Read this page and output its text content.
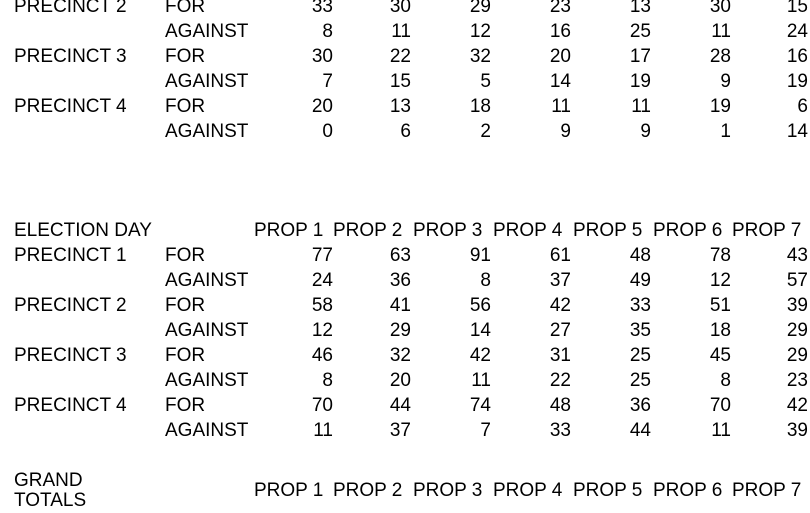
PRECINCT 2 FOR	33	30	29	23	13	30	15
AGAINST	8	11	12	16	25	11	24
PRECINCT 3 FOR	30	22	32	20	17	28	16
AGAINST	7	15	5	14	19	9	19
PRECINCT 4 FOR	20	13	18	11	11	19	6
AGAINST	0	6	2	9	9	1	14
ELECTION DAY	PROP 1 PROP 2 PROP 3 PROP 4 PROP 5 PROP 6 PROP 7
PRECINCT 1 FOR	77	63	91	61	48	78	43
AGAINST	24	36	8	37	49	12	57
PRECINCT 2 FOR	58	41	56	42	33	51	39
AGAINST	12	29	14	27	35	18	29
PRECINCT 3 FOR	46	32	42	31	25	45	29
AGAINST	8	20	11	22	25	8	23
PRECINCT 4 FOR	70	44	74	48	36	70	42
AGAINST	11	37	7	33	44	11	39
GRAND
TOTALS	PROP 1 PROP 2 PROP 3 PROP 4 PROP 5 PROP 6 PROP 7
